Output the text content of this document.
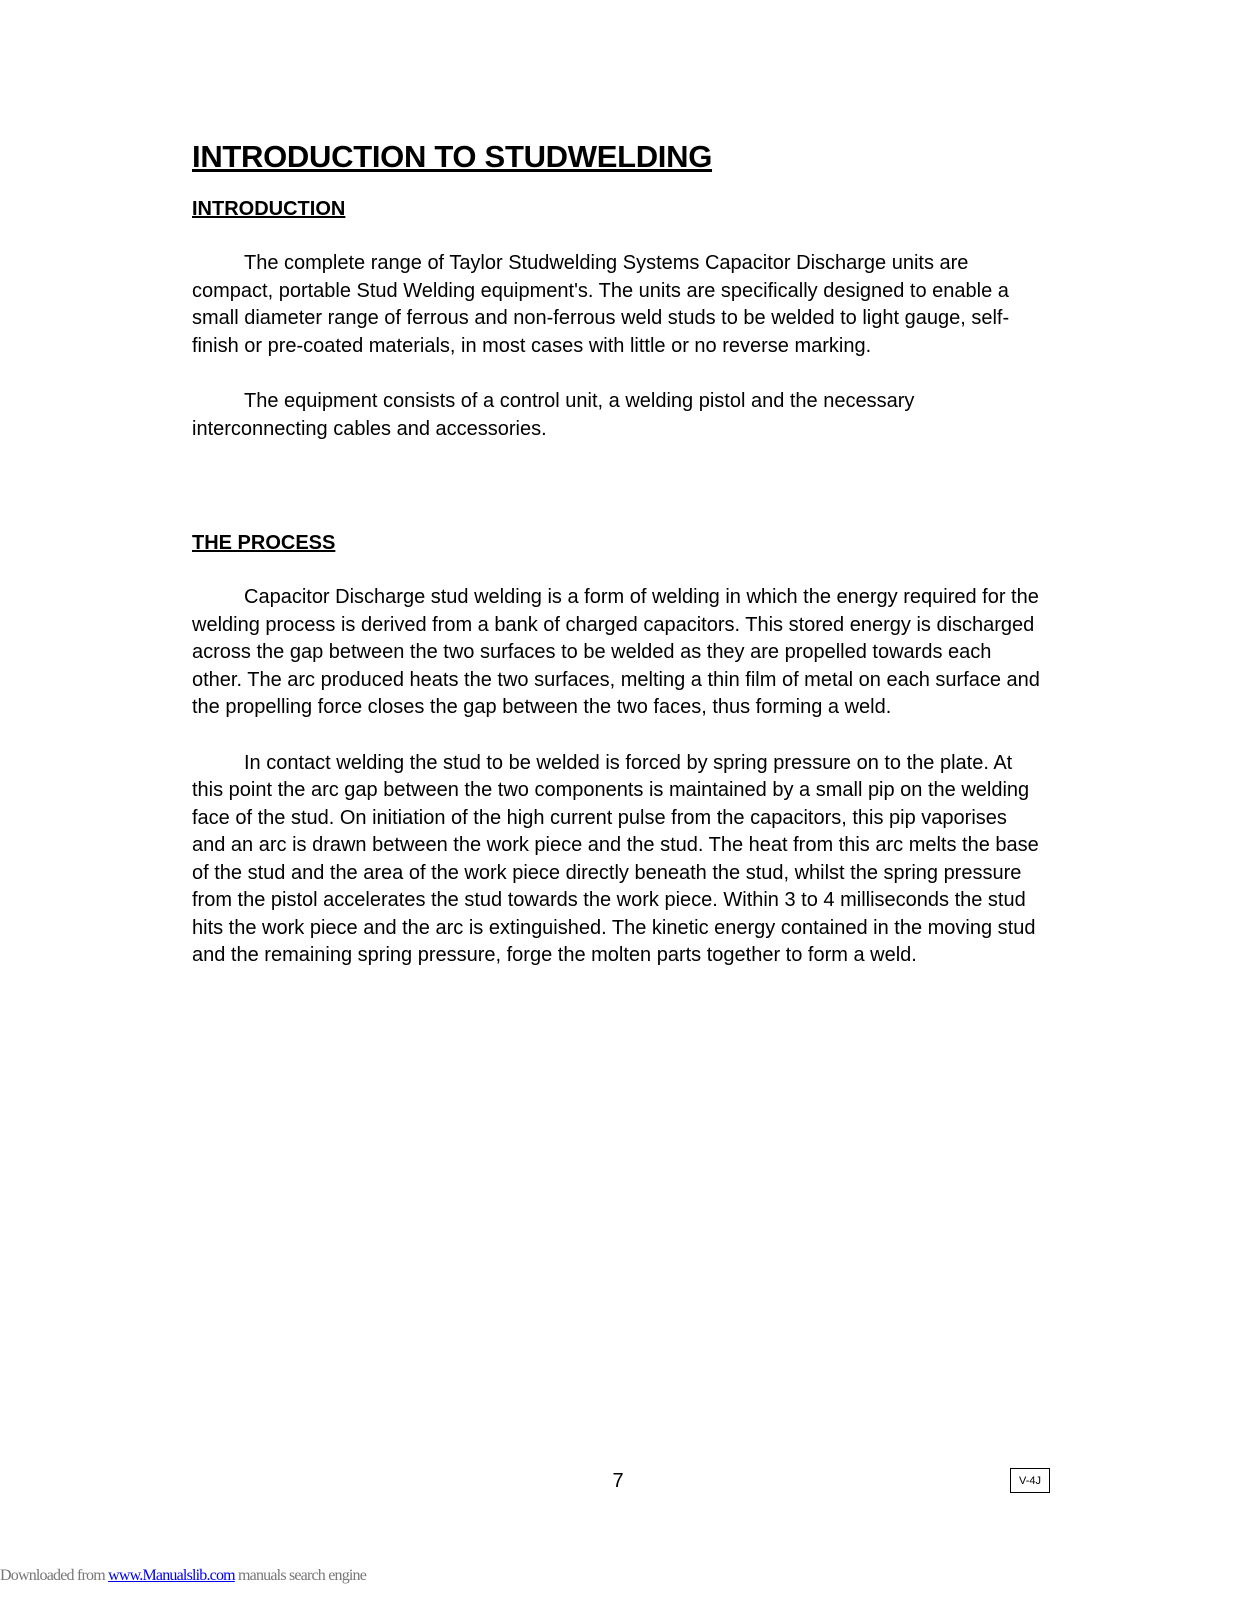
INTRODUCTION TO STUDWELDING
INTRODUCTION

The complete range of Taylor Studwelding Systems Capacitor Discharge units are compact, portable Stud Welding equipment's. The units are specifically designed to enable a small diameter range of ferrous and non-ferrous weld studs to be welded to light gauge, self-finish or pre-coated materials, in most cases with little or no reverse marking.

The equipment consists of a control unit, a welding pistol and the necessary interconnecting cables and accessories.

THE PROCESS

Capacitor Discharge stud welding is a form of welding in which the energy required for the welding process is derived from a bank of charged capacitors. This stored energy is discharged across the gap between the two surfaces to be welded as they are propelled towards each other. The arc produced heats the two surfaces, melting a thin film of metal on each surface and the propelling force closes the gap between the two faces, thus forming a weld.

In contact welding the stud to be welded is forced by spring pressure on to the plate. At this point the arc gap between the two components is maintained by a small pip on the welding face of the stud. On initiation of the high current pulse from the capacitors, this pip vaporises and an arc is drawn between the work piece and the stud. The heat from this arc melts the base of the stud and the area of the work piece directly beneath the stud, whilst the spring pressure from the pistol accelerates the stud towards the work piece. Within 3 to 4 milliseconds the stud hits the work piece and the arc is extinguished. The kinetic energy contained in the moving stud and the remaining spring pressure, forge the molten parts together to form a weld.

7	V-4J
Downloaded from www.Manualslib.com manuals search engine
